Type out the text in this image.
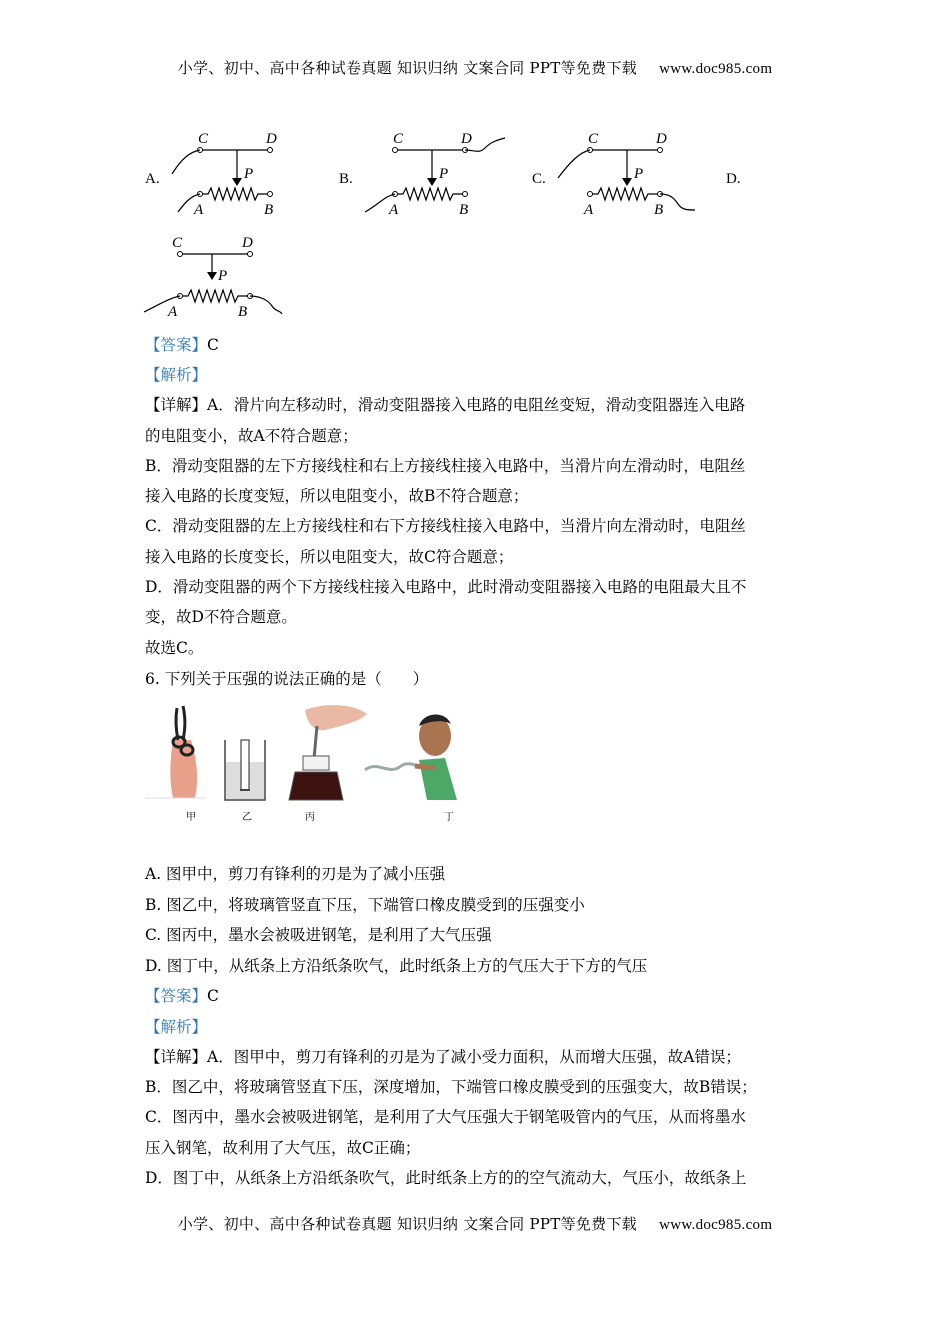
小学、初中、高中各种试卷真题 知识归纳 文案合同 PPT等免费下载 www.doc985.com
A.	B.	C.	D.
C	D
P
A	B
C	D
P
A	B
C	D
P
A	B
C	D
P
A	B
【答案】C
【解析】
【详解】A．滑片向左移动时，滑动变阻器接入电路的电阻丝变短，滑动变阻器连入电路
的电阻变小，故A不符合题意；
B．滑动变阻器的左下方接线柱和右上方接线柱接入电路中，当滑片向左滑动时，电阻丝
接入电路的长度变短，所以电阻变小，故B不符合题意；
C．滑动变阻器的左上方接线柱和右下方接线柱接入电路中，当滑片向左滑动时，电阻丝
接入电路的长度变长，所以电阻变大，故C符合题意；
D．滑动变阻器的两个下方接线柱接入电路中，此时滑动变阻器接入电路的电阻最大且不
变，故D不符合题意。
故选C。
6. 下列关于压强的说法正确的是（　　）
甲	乙	丙	丁
A. 图甲中，剪刀有锋利的刃是为了减小压强
B. 图乙中，将玻璃管竖直下压，下端管口橡皮膜受到的压强变小
C. 图丙中，墨水会被吸进钢笔，是利用了大气压强
D. 图丁中，从纸条上方沿纸条吹气，此时纸条上方的气压大于下方的气压
【答案】C
【解析】
【详解】A．图甲中，剪刀有锋利的刃是为了减小受力面积，从而增大压强，故A错误；
B．图乙中，将玻璃管竖直下压，深度增加，下端管口橡皮膜受到的压强变大，故B错误；
C．图丙中，墨水会被吸进钢笔，是利用了大气压强大于钢笔吸管内的气压，从而将墨水
压入钢笔，故利用了大气压，故C正确；
D．图丁中，从纸条上方沿纸条吹气，此时纸条上方的的空气流动大，气压小，故纸条上
小学、初中、高中各种试卷真题 知识归纳 文案合同 PPT等免费下载 www.doc985.com
